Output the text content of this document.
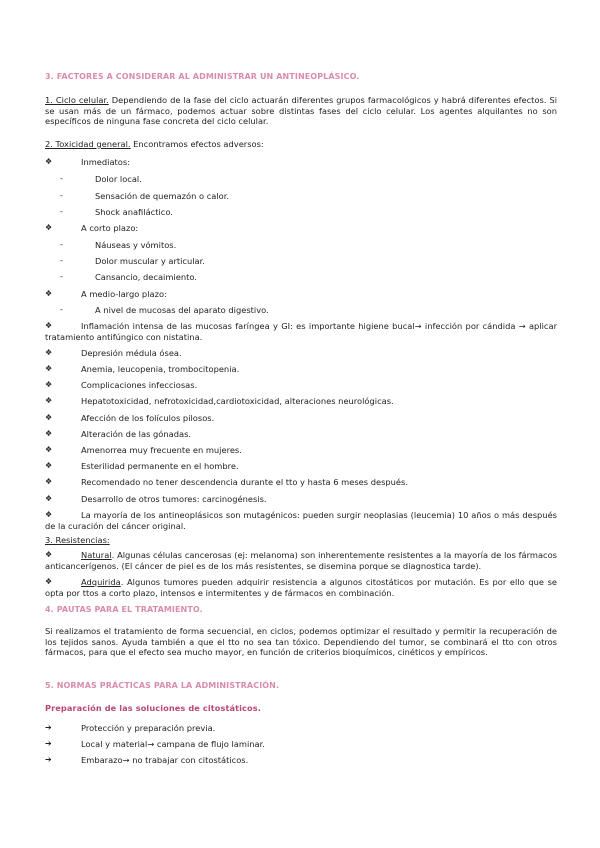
3. FACTORES A CONSIDERAR AL ADMINISTRAR UN ANTINEOPLÁSICO.
1. Ciclo celular. Dependiendo de la fase del ciclo actuarán diferentes grupos farmacológicos y habrá diferentes efectos. Si se usan más de un fármaco, podemos actuar sobre distintas fases del ciclo celular. Los agentes alquilantes no son específicos de ninguna fase concreta del ciclo celular.
2. Toxicidad general. Encontramos efectos adversos:
❖	Inmediatos:
-	Dolor local.
-	Sensación de quemazón o calor.
-	Shock anafiláctico.
❖	A corto plazo:
-	Náuseas y vómitos.
-	Dolor muscular y articular.
-	Cansancio, decaimiento.
❖	A medio-largo plazo:
-	A nivel de mucosas del aparato digestivo.
❖	Inflamación intensa de las mucosas faríngea y GI: es importante higiene bucal→ infección por cándida → aplicar tratamiento antifúngico con nistatina.
❖	Depresión médula ósea.
❖	Anemia, leucopenia, trombocitopenia.
❖	Complicaciones infecciosas.
❖	Hepatotoxicidad, nefrotoxicidad,cardiotoxicidad, alteraciones neurológicas.
❖	Afección de los folículos pilosos.
❖	Alteración de las gónadas.
❖	Amenorrea muy frecuente en mujeres.
❖	Esterilidad permanente en el hombre.
❖	Recomendado no tener descendencia durante el tto y hasta 6 meses después.
❖	Desarrollo de otros tumores: carcinogénesis.
❖	La mayoría de los antineoplásicos son mutagénicos: pueden surgir neoplasias (leucemia) 10 años o más después de la curación del cáncer original.
3. Resistencias:
❖	Natural. Algunas células cancerosas (ej: melanoma) son inherentemente resistentes a la mayoría de los fármacos anticancerígenos. (El cáncer de piel es de los más resistentes, se disemina porque se diagnostica tarde).
❖	Adquirida. Algunos tumores pueden adquirir resistencia a algunos citostáticos por mutación. Es por ello que se opta por ttos a corto plazo, intensos e intermitentes y de fármacos en combinación.
4. PAUTAS PARA EL TRATAMIENTO.
Si realizamos el tratamiento de forma secuencial, en ciclos, podemos optimizar el resultado y permitir la recuperación de los tejidos sanos. Ayuda también a que el tto no sea tan tóxico. Dependiendo del tumor, se combinará el tto con otros fármacos, para que el efecto sea mucho mayor, en función de criterios bioquímicos, cinéticos y empíricos.
5. NORMAS PRÁCTICAS PARA LA ADMINISTRACIÓN.
Preparación de las soluciones de citostáticos.
➔	Protección y preparación previa.
➔	Local y material→ campana de flujo laminar.
➔	Embarazo→ no trabajar con citostáticos.
